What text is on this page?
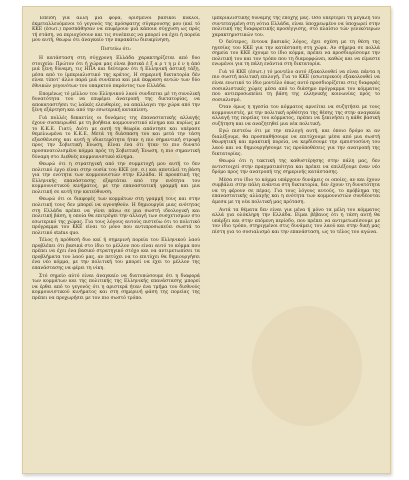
Έπειδή γιά άλλη μιά φορά, όρισμένοι βασικοί κύκλοι, έκμεταλλευόμενοι τό γεγονός της πρόσφατης σύγκρουσης μου (καί τό ΚΚΕ (έσωτ.) προσπάθησαν να επιφέρουν μιά κάποια σύγχυση ως πρός τή στάση, να περιοχύσουν και τις συνέπειες να μπορεί να έχει ή πορεία μου αυτή, θεωρώ ότι άναγκαίο την παρακάτω διευκρίνηση.

Πιστεύω ότι:

Η κατάσταση στη σύγχρονη Ελλάδα χαρακτηρίζεται από δυο στοιχεία: Πρώτον ότι ή χώρα μας είναι βασικά έ ξ α ρ τ η μ έ ν η άπό μιά ξένη δύναμη, τις ΗΠΑ και δεύτερον ότι ή Ελληνική άστική τάξη, μέσα από το ίμπεριαλιστικό της κράτος, Η σημερινή δικτατορία δέν είναι τίποτ' άλλο παρά μιά συνέπεια καί μιά έκφραση αυτών των δύο έθνικών γεγονότων του υπαρκτού παρόντος των Ελλάδα.

Επομένως τό μέλλον του Ελληνικού λαού συνδεεται μέ τη συνολική δυνατότητα του να επιφέρει άνατροπή της δικτατορίας, να αποκαταστήσει τις λαϊκές ελευθερίες, να απαλλαγει την χώρα από την ξένη εξάρτηση και από την εσωτερική καταπίεση.

Γιά πολλές δεκαετίες οι δυνάμεις της έπαναστατικής αλλαγής έχουν συσπειρωθεί με τη βοήθεια κομμουνιστικό κίνημα και κυρίως με το Κ.Κ.Ε. Γιατί; Διότι με αυτή τη θεωρία απάντησε και υπέρασε θεμελιωμένα το Κ.Κ.Ε. Μετά τη διάσπαση του και μετά την τάση εξασθένισης και αυτή η ιδιαιτερότητα ήταν η πιο σημαντική στροφή προς την Σοβιετική Ένωση, Είναι ένα ότι ήταν το πιο δυνατό προσανατολισμένο κόμμα πρός τη Σοβιετική Ένωση, η πιο σημαντική δύναμη στο Διεθνές κομμουνιστικό κίνημα.

Θεωρώ ότι η στρατηγική από την συμμετοχή μου αυτή το δεν πολιτικό έργο είναι στην ουσία του ΚΚΕ (εσ. σ.) και αποτελεί τη βάση για την ενότητα των κομμουνιστών στην Ελλάδα. Η προοπτική της Ελληνικής επανάστασης εξαρτάται από την ενότητα του κομμουνιστικού κινήματος, με την επαναστατική γραμμή και μια πολιτική σε αυτή την κατεύθυνση.

Θεωρώ ότι οι διαφορές των κομμάτων στη γραμμή τους και στην πολιτική τους δεν μπορεί να αγνοηθούν. Η δημιουργία μιας ενότητας στη Ελλάδα πρέπει να γίνει πάνω σε μια σωστή ιδεολογική και πολιτική βάση, η οποία θα επιτρέψει την αλλαγή των συσχετισμών στο εσωτερικό της χώρας. Για τους λόγους αυτούς πιστεύω ότι το πολιτικό πρόγραμμα του ΚΚΕ είναι το μόνο που αντιπροσωπεύει σωστά το πολιτικό status quo.

Τέλος ή πρόθεσή δυο καί ή σημερινή πορεία του Ελληνικού λαού προβλέπει ότι βασικά στο ίδιο το μέλλον που είναι αυτό το κόμμα που πρέπει να έχει ένα βασικό στρατηγικό στόχο και να αντιμετωπίσει τα προβλήματα του λαού μας, αν πετύχει να το επιτύχει θα δημιουργήσει ένα νέο κόμμα, με την πολιτική του μπορεί να έχει το μέλλον της επανάστασης να φέρει τη νίκη.

Στό σημείο αύτό είναι άναγκαίο να διατυπώσουμε ότι η διαφορά των κομμάτων και της πολιτικής της Ελληνικής επανάστασης μπορεί να έρθει από το γεγονός ότι η αριστερά ήταν ένα τμήμα του διεθνούς κομμουνιστικού κινήματος και στη σημερινή φάση της πορείας της πρέπει να προχωρήσει με τον πιο σωστό τρόπο.

ίμπεριαλιστικής δύναμης τής έποχής μας. Όσο ύπερτερεί τη μεγάλη του συντεταγμένη στη νότια Ελλάδα, είναι ύποχρεωμένο να ύποχωρεί στην πολιτική της διαφορετικής προσέγγισης, στό πλαίσιο τών γενικότερων χαρακτηριστικών του.

Ό δεύτερος, έντονα βασικός λόγος, έχει σχέση με τη θέση της ηγεσίας του ΚΚΕ για την κατάσταση στη χώρα. Αν σήμερα σε πολλά σημεία του ΚΚΕ έχουμε το ίδιο κόμμα, πρέπει να προσδιορίσουμε την πολιτική του και τον τρόπο που τη διαμορφώνει, καθώς και να είμαστε ενωμένοι για τη πάλη ενάντια στη δικτατορία.

Γιά τό ΚΚΕ (έσωτ.) τό μοντέλο αυτό έξακολουθεί να είναι πάντα η πιο σωστή πολιτική επιλογή. Για το ΚΚΕ (εσωτερικού) εξακολουθεί να είναι ενωτικό το ίδιο μοντέλο όπως αυτό προσδιορίζεται στις διαφορές σοσιαλιστικές χώρες μέσα από το διάσημο πρόγραμμα του κόμματος που αντιπροσωπεύει τη βάση της ελληνικής κοινωνίας πρός το σοσιαλισμό.

Όταν όμως η ηγεσία του κόμματος αρνείται να συζητήσει με τους κομμουνιστές, με την πολιτική ορθότητα της θέσης της στην αναγκαία αλλαγή της πορείας του κόμματος, πρέπει να ξεκινήσει η κάθε βασική συζήτηση και να αναζητηθεί μια νέα πολιτική.

Εγώ πιστεύω ότι με την επιλογή αυτή, και όποιο δρόμο κι αν διαλέξουμε, θα προσπαθήσουμε να επιτύχουμε μέσα από μια σωστή θεωρητική και πρακτική πορεία, να κερδίσουμε την εμπιστοσύνη του λαού και να δημιουργήσουμε τις προϋποθέσεις για την ανατροπή της δικτατορίας.

Θεωρώ ότι η τακτική της καθυστέρησης στην πάλη μας, δεν αντιστοιχεί στην πραγματικότητα και πρέπει να επιλέξουμε έναν νέο δρόμο προς την ανατροπή της σημερινής κατάστασης.

Μέσα στο ίδιο το κόμμα υπάρχουν δυνάμεις οι οποίες, αν και έχουν συμβάλει στην πάλη ενάντια στη δικτατορία, δεν έχουν τη δυνατότητα να τη φέρουν σε πέρας. Για τους λόγους αυτούς, το πρόβλημα της επαναστατικής αλλαγής και η ενότητα των κομμουνιστών συνδέονται άμεσα με τη νέα πολιτική μας πρόταση.

Αυτά τα θέματα δεν είναι για μένα ή μόνο τα μέλη του κόμματος αλλά για ολόκληρη την Ελλάδα. Είμαι βέβαιος ότι η τάση αυτή θα υπάρξει και στην επόμενη περίοδο, που πρέπει να αντιμετωπίσουμε με τον ίδιο τρόπο, στηριγμένοι στις δυνάμεις του λαού και στην δική μας πίστη για το σοσιαλισμό και την επανάσταση, ως το τέλος του αγώνα.
